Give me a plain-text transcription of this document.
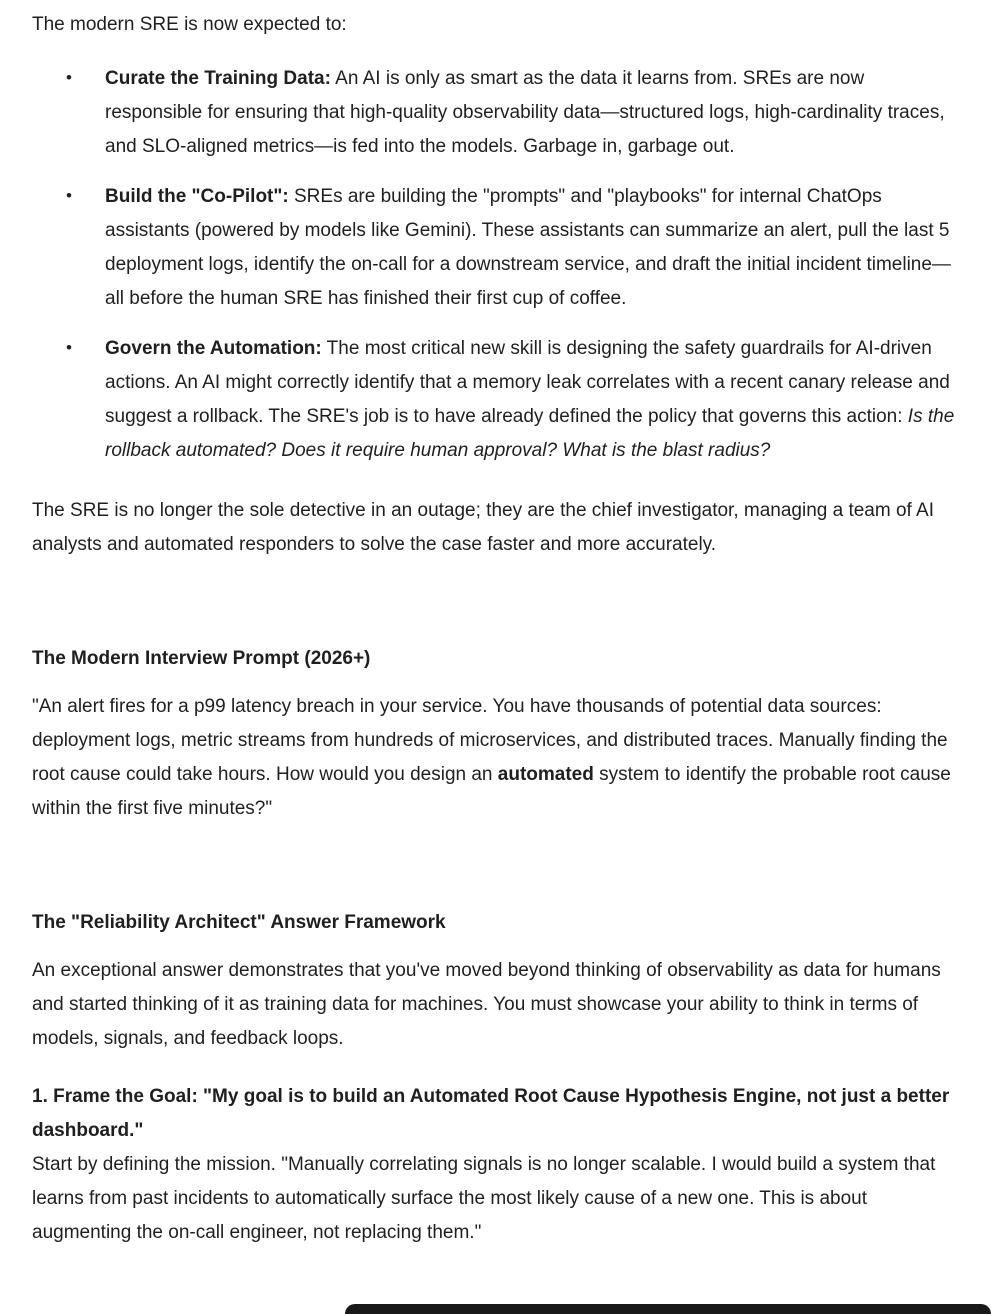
The modern SRE is now expected to:

• Curate the Training Data: An AI is only as smart as the data it learns from. SREs are now responsible for ensuring that high-quality observability data—structured logs, high-cardinality traces, and SLO-aligned metrics—is fed into the models. Garbage in, garbage out.
• Build the "Co-Pilot": SREs are building the "prompts" and "playbooks" for internal ChatOps assistants (powered by models like Gemini). These assistants can summarize an alert, pull the last 5 deployment logs, identify the on-call for a downstream service, and draft the initial incident timeline—all before the human SRE has finished their first cup of coffee.
• Govern the Automation: The most critical new skill is designing the safety guardrails for AI-driven actions. An AI might correctly identify that a memory leak correlates with a recent canary release and suggest a rollback. The SRE's job is to have already defined the policy that governs this action: Is the rollback automated? Does it require human approval? What is the blast radius?

The SRE is no longer the sole detective in an outage; they are the chief investigator, managing a team of AI analysts and automated responders to solve the case faster and more accurately.

The Modern Interview Prompt (2026+)

"An alert fires for a p99 latency breach in your service. You have thousands of potential data sources: deployment logs, metric streams from hundreds of microservices, and distributed traces. Manually finding the root cause could take hours. How would you design an automated system to identify the probable root cause within the first five minutes?"

The "Reliability Architect" Answer Framework

An exceptional answer demonstrates that you've moved beyond thinking of observability as data for humans and started thinking of it as training data for machines. You must showcase your ability to think in terms of models, signals, and feedback loops.

1. Frame the Goal: "My goal is to build an Automated Root Cause Hypothesis Engine, not just a better dashboard."

Start by defining the mission. "Manually correlating signals is no longer scalable. I would build a system that learns from past incidents to automatically surface the most likely cause of a new one. This is about augmenting the on-call engineer, not replacing them."
